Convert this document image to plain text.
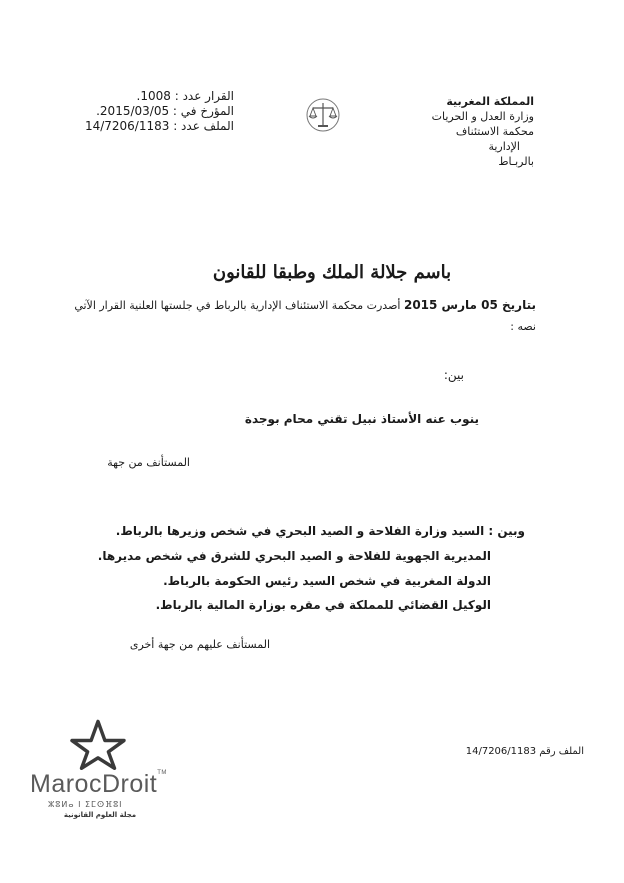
القرار عدد : 1008.
المؤرخ في : 2015/03/05.
الملف عدد : 14/7206/1183
المملكة المغربية
وزارة العدل و الحريات
محكمة الاستئناف
الإدارية
بالربـاط
باسم جلالة الملك وطبقا للقانون
بتاريخ 05 مارس 2015 أصدرت محكمة الاستئناف الإدارية بالرباط في جلستها العلنية القرار الآتي
نصه :
بين:
ينوب عنه الأستاذ نبيل تقني محام بوجدة
المستأنف من جهة
وبين : السيد وزارة الفلاحة و الصيد البحري في شخص وزيرها بالرباط.
المديرية الجهوية للفلاحة و الصيد البحري للشرق في شخص مديرها.
الدولة المغربية في شخص السيد رئيس الحكومة بالرباط.
الوكيل القضائي للمملكة في مقره بوزارة المالية بالرباط.
المستأنف عليهم من جهة أخرى
الملف رقم 14/7206/1183
MarocDroit™
ⵣⵓⵍⴰ ⵏ ⵉⵎⵙⴼⵓⵏ
مجلة العلوم القانونية
